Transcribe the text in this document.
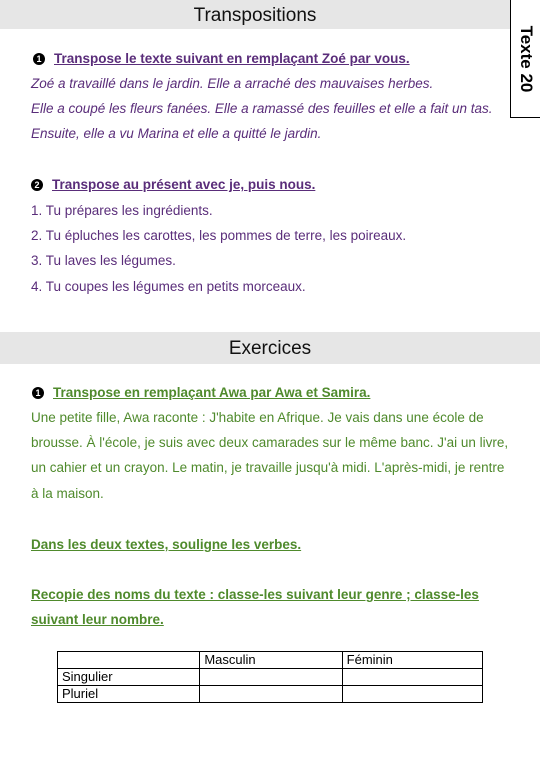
Transpositions
Texte 20
1 Transpose le texte suivant en remplaçant Zoé par vous.
Zoé a travaillé dans le jardin. Elle a arraché des mauvaises herbes.
Elle a coupé les fleurs fanées. Elle a ramassé des feuilles et elle a fait un tas.
Ensuite, elle a vu Marina et elle a quitté le jardin.
2 Transpose au présent avec je, puis nous.
1. Tu prépares les ingrédients.
2. Tu épluches les carottes, les pommes de terre, les poireaux.
3. Tu laves les légumes.
4. Tu coupes les légumes en petits morceaux.
Exercices
1 Transpose en remplaçant Awa par Awa et Samira.
Une petite fille, Awa raconte : J'habite en Afrique. Je vais dans une école de
brousse. À l'école, je suis avec deux camarades sur le même banc. J'ai un livre,
un cahier et un crayon. Le matin, je travaille jusqu'à midi. L'après-midi, je rentre
à la maison.
Dans les deux textes, souligne les verbes.
Recopie des noms du texte : classe-les suivant leur genre ; classe-les
suivant leur nombre.
	Masculin	Féminin
Singulier		
Pluriel		
